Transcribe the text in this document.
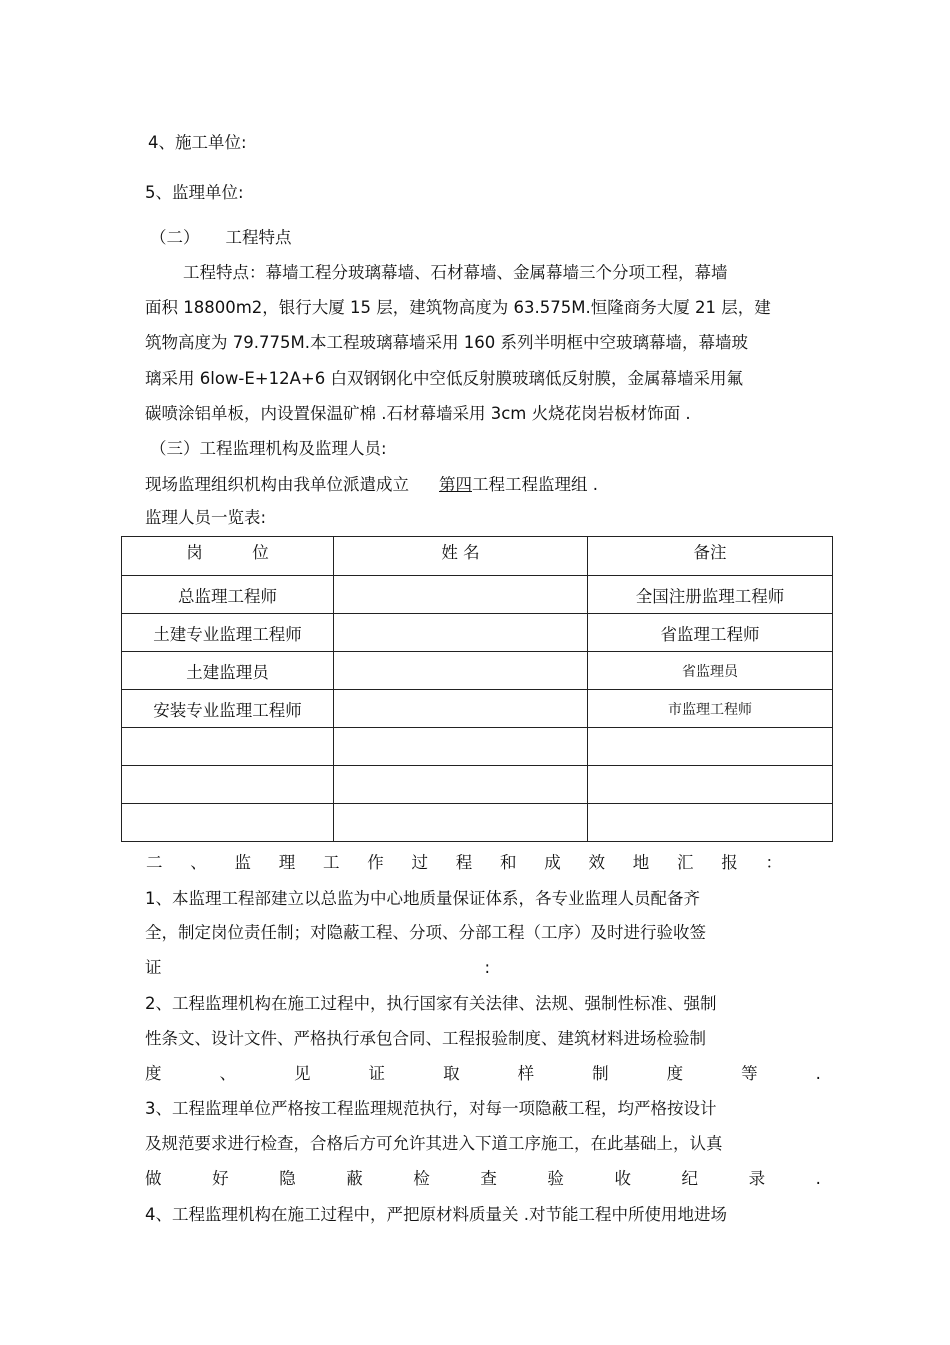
4、施工单位:
5、监理单位:
（二） 工程特点
工程特点：幕墙工程分玻璃幕墙、石材幕墙、金属幕墙三个分项工程，幕墙
面积 18800m2，银行大厦 15 层，建筑物高度为 63.575M.恒隆商务大厦 21 层，建
筑物高度为 79.775M.本工程玻璃幕墙采用 160 系列半明框中空玻璃幕墙，幕墙玻
璃采用 6low-E+12A+6 白双钢钢化中空低反射膜玻璃低反射膜，金属幕墙采用氟
碳喷涂铝单板，内设置保温矿棉 .石材幕墙采用 3cm 火烧花岗岩板材饰面 .
（三）工程监理机构及监理人员:
现场监理组织机构由我单位派遣成立 第四工程工程监理组 .
监理人员一览表:
岗　　　位	姓 名	备注
总监理工程师		全国注册监理工程师
土建专业监理工程师		省监理工程师
土建监理员		省监理员
安装专业监理工程师		市监理工程师

二 、 监 理 工 作 过 程 和 成 效 地 汇 报 ：
1、本监理工程部建立以总监为中心地质量保证体系，各专业监理人员配备齐
全，制定岗位责任制；对隐蔽工程、分项、分部工程（工序）及时进行验收签
证	:
2、工程监理机构在施工过程中，执行国家有关法律、法规、强制性标准、强制
性条文、设计文件、严格执行承包合同、工程报验制度、建筑材料进场检验制
度	、	见	证	取	样	制	度	等	.
3、工程监理单位严格按工程监理规范执行，对每一项隐蔽工程，均严格按设计
及规范要求进行检查，合格后方可允许其进入下道工序施工，在此基础上，认真
做	好	隐	蔽	检	查	验	收	纪	录	.
4、工程监理机构在施工过程中，严把原材料质量关 .对节能工程中所使用地进场
